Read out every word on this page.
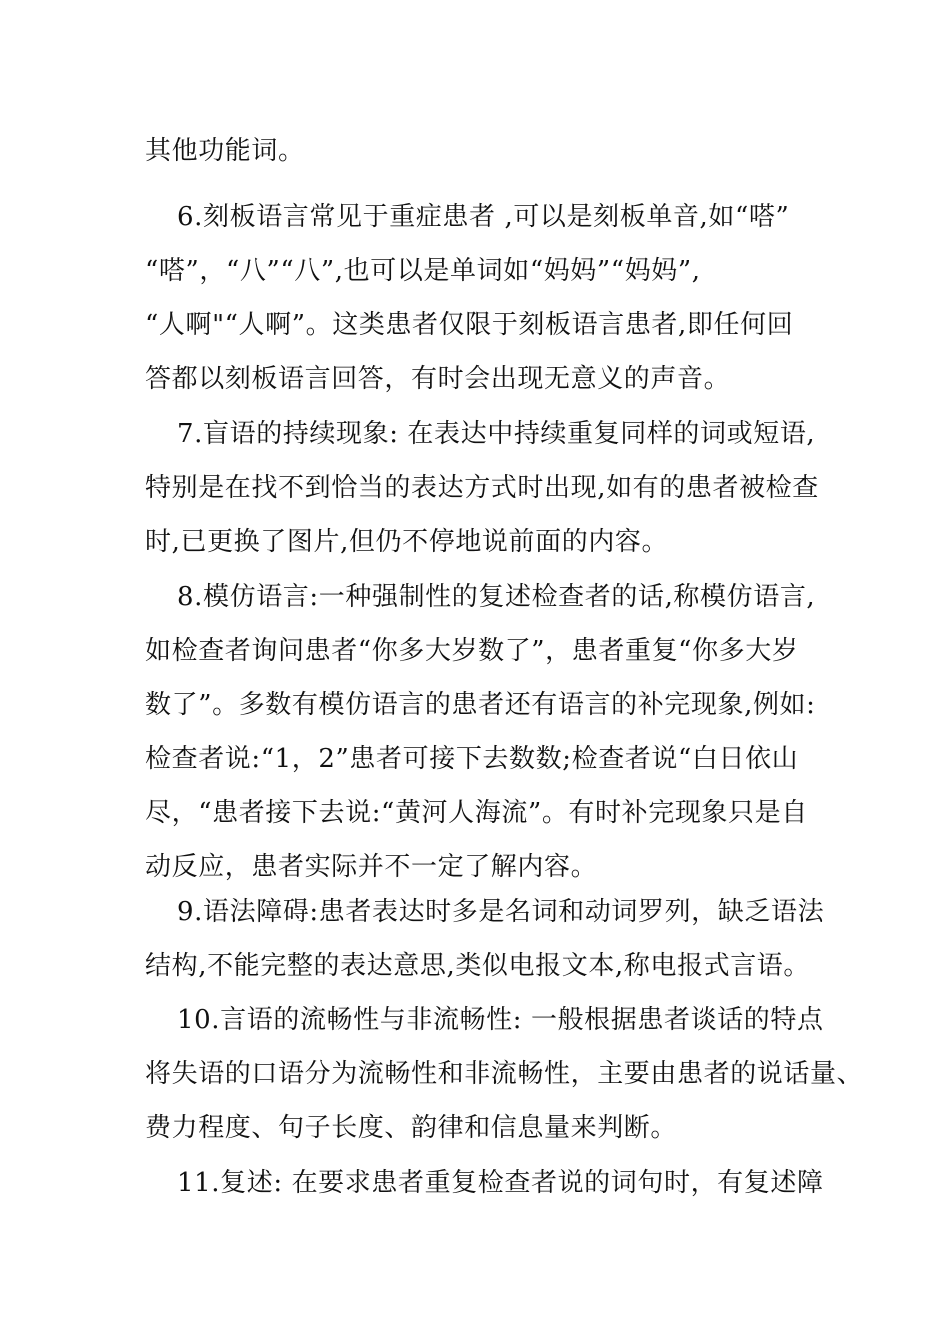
其他功能词。
6.刻板语言常见于重症患者 ,可以是刻板单音,如“嗒”
“嗒”，“八”“八”,也可以是单词如“妈妈”“妈妈”,
“人啊"“人啊”。这类患者仅限于刻板语言患者,即任何回
答都以刻板语言回答，有时会出现无意义的声音。
7.盲语的持续现象: 在表达中持续重复同样的词或短语,
特别是在找不到恰当的表达方式时出现,如有的患者被检查
时,已更换了图片,但仍不停地说前面的内容。
8.模仿语言:一种强制性的复述检查者的话,称模仿语言,
如检查者询问患者“你多大岁数了”，患者重复“你多大岁
数了”。多数有模仿语言的患者还有语言的补完现象,例如:
检查者说:“1，2”患者可接下去数数;检查者说“白日依山
尽，“患者接下去说:“黄河人海流”。有时补完现象只是自
动反应，患者实际并不一定了解内容。
9.语法障碍:患者表达时多是名词和动词罗列，缺乏语法
结构,不能完整的表达意思,类似电报文本,称电报式言语。
10.言语的流畅性与非流畅性: 一般根据患者谈话的特点
将失语的口语分为流畅性和非流畅性，主要由患者的说话量、
费力程度、句子长度、韵律和信息量来判断。
11.复述: 在要求患者重复检查者说的词句时，有复述障
